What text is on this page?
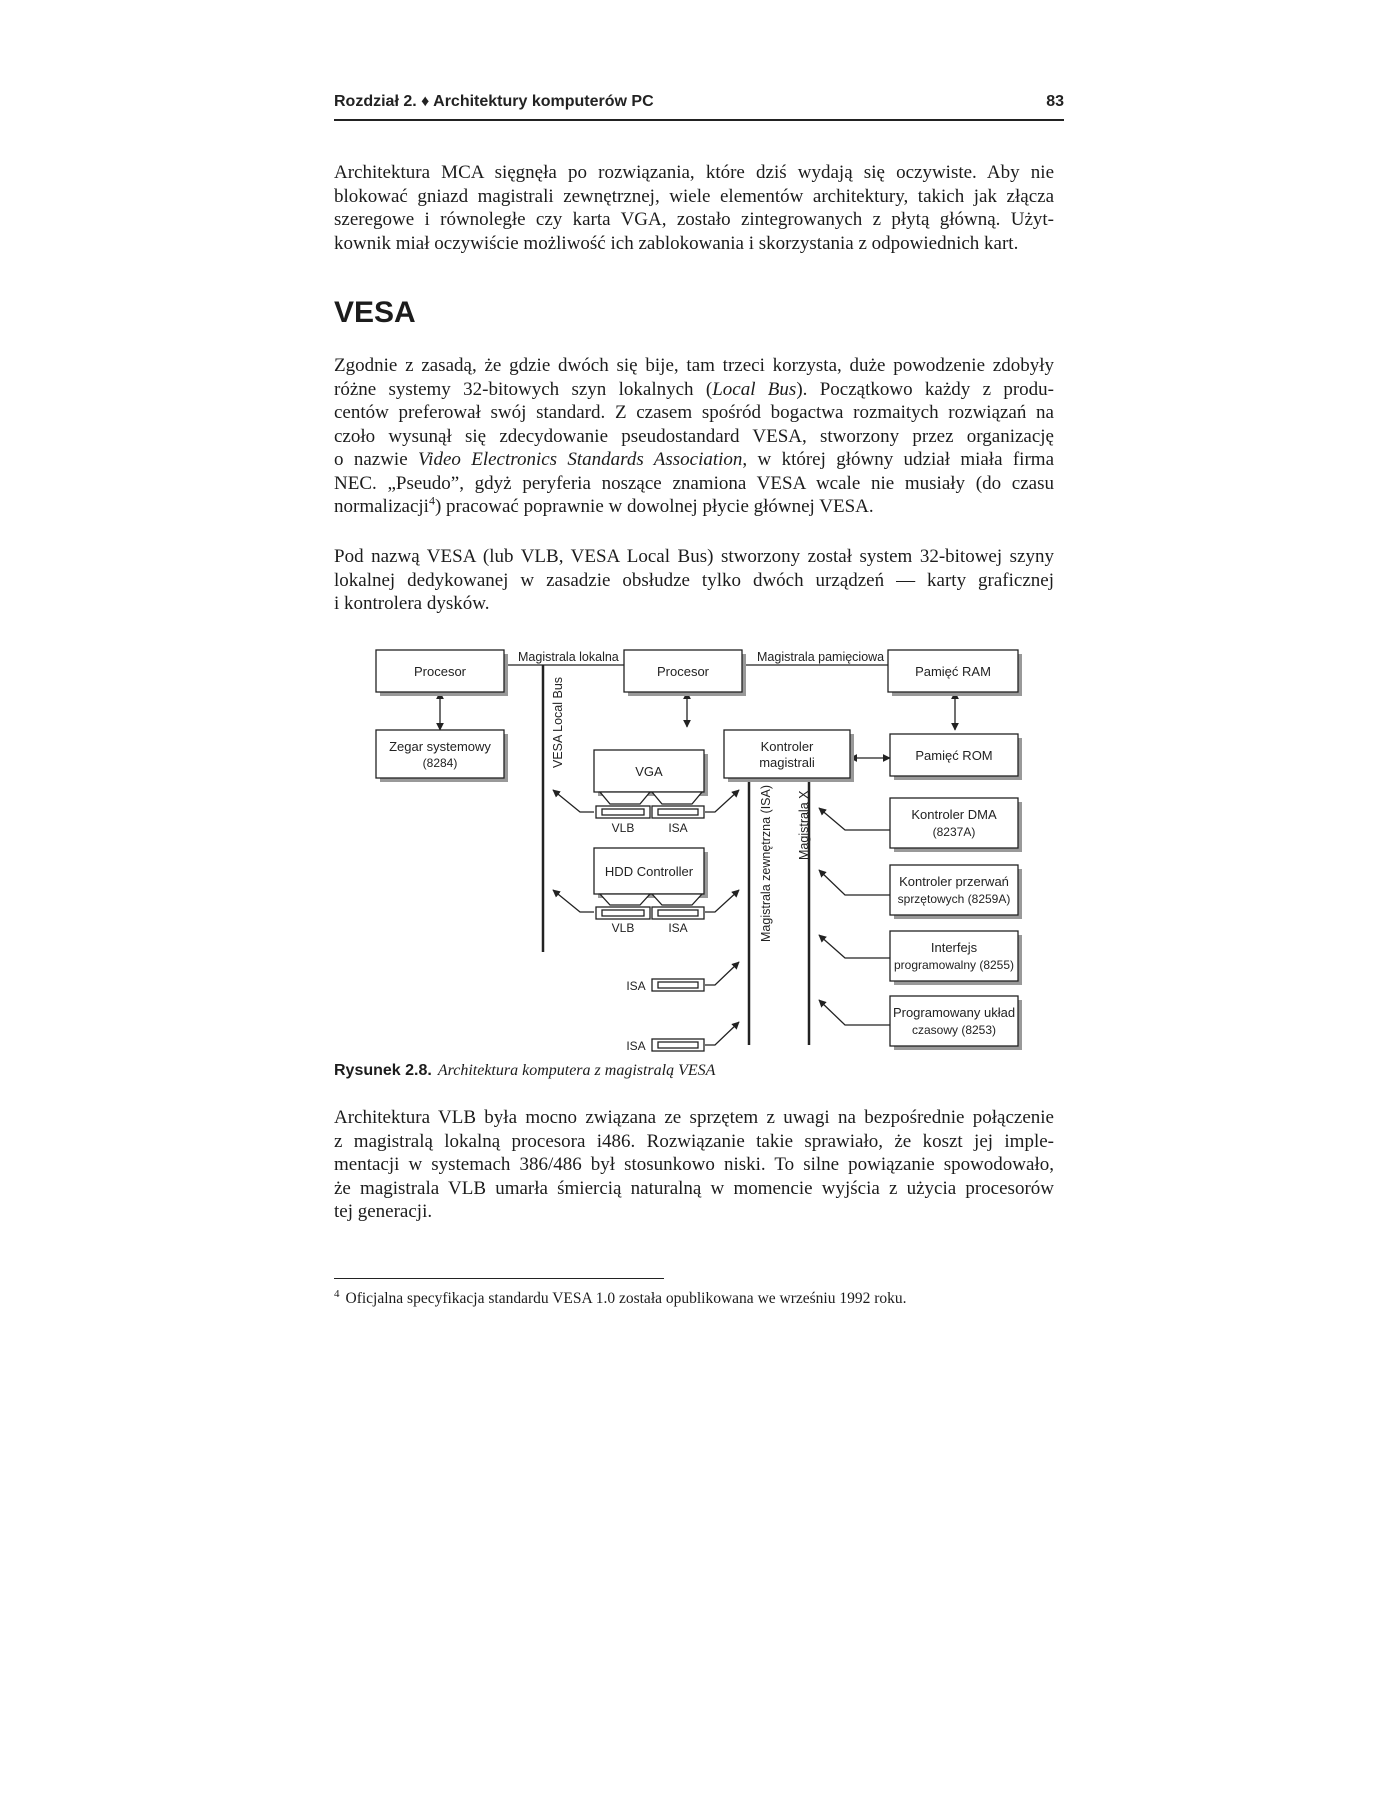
Rozdział 2. ♦ Architektury komputerów PC	83

Architektura MCA sięgnęła po rozwiązania, które dziś wydają się oczywiste. Aby nie
blokować gniazd magistrali zewnętrznej, wiele elementów architektury, takich jak złącza
szeregowe i równoległe czy karta VGA, zostało zintegrowanych z płytą główną. Użyt-
kownik miał oczywiście możliwość ich zablokowania i skorzystania z odpowiednich kart.

VESA

Zgodnie z zasadą, że gdzie dwóch się bije, tam trzeci korzysta, duże powodzenie zdobyły
różne systemy 32-bitowych szyn lokalnych (Local Bus). Początkowo każdy z produ-
centów preferował swój standard. Z czasem spośród bogactwa rozmaitych rozwiązań na
czoło wysunął się zdecydowanie pseudostandard VESA, stworzony przez organizację
o nazwie Video Electronics Standards Association, w której główny udział miała firma
NEC. „Pseudo”, gdyż peryferia noszące znamiona VESA wcale nie musiały (do czasu
normalizacji$^4$) pracować poprawnie w dowolnej płycie głównej VESA.

Pod nazwą VESA (lub VLB, VESA Local Bus) stworzony został system 32-bitowej szyny
lokalnej dedykowanej w zasadzie obsłudze tylko dwóch urządzeń — karty graficznej
i kontrolera dysków.

Procesor	Procesor	Pamięć RAM
Zegar systemowy
(8284)
Kontroler
magistrali	Pamięć ROM
VGA
HDD Controller
Kontroler DMA
(8237A)
Kontroler przerwań
sprzętowych (8259A)
Interfejs
programowalny (8255)
Programowany układ
czasowy (8253)
VLB	ISA
VLB	ISA
ISA
ISA
Magistrala lokalna	Magistrala pamięciowa
VESA Local Bus
Magistrala zewnętrzna (ISA) Magistrala X
Rysunek 2.8. Architektura komputera z magistralą VESA

Architektura VLB była mocno związana ze sprzętem z uwagi na bezpośrednie połączenie
z magistralą lokalną procesora i486. Rozwiązanie takie sprawiało, że koszt jej imple-
mentacji w systemach 386/486 był stosunkowo niski. To silne powiązanie spowodowało,
że magistrala VLB umarła śmiercią naturalną w momencie wyjścia z użycia procesorów
tej generacji.

$^4$ Oficjalna specyfikacja standardu VESA 1.0 została opublikowana we wrześniu 1992 roku.
